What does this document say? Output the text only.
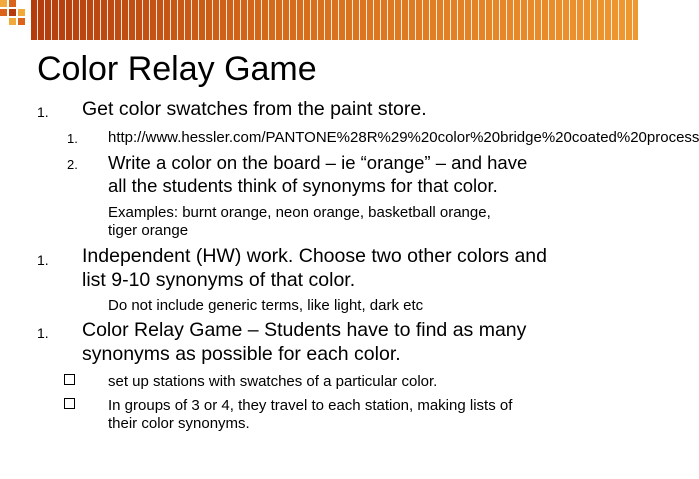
Color Relay Game
1. Get color swatches from the paint store.
1. http://www.hessler.com/PANTONE%28R%29%20color%20bridge%20coated%20process
2. Write a color on the board – ie “orange” – and have
all the students think of synonyms for that color.
Examples: burnt orange, neon orange, basketball orange,
tiger orange
1. Independent (HW) work. Choose two other colors and
list 9-10 synonyms of that color.
Do not include generic terms, like light, dark etc
1. Color Relay Game – Students have to find as many
synonyms as possible for each color.
set up stations with swatches of a particular color.
In groups of 3 or 4, they travel to each station, making lists of
their color synonyms.
